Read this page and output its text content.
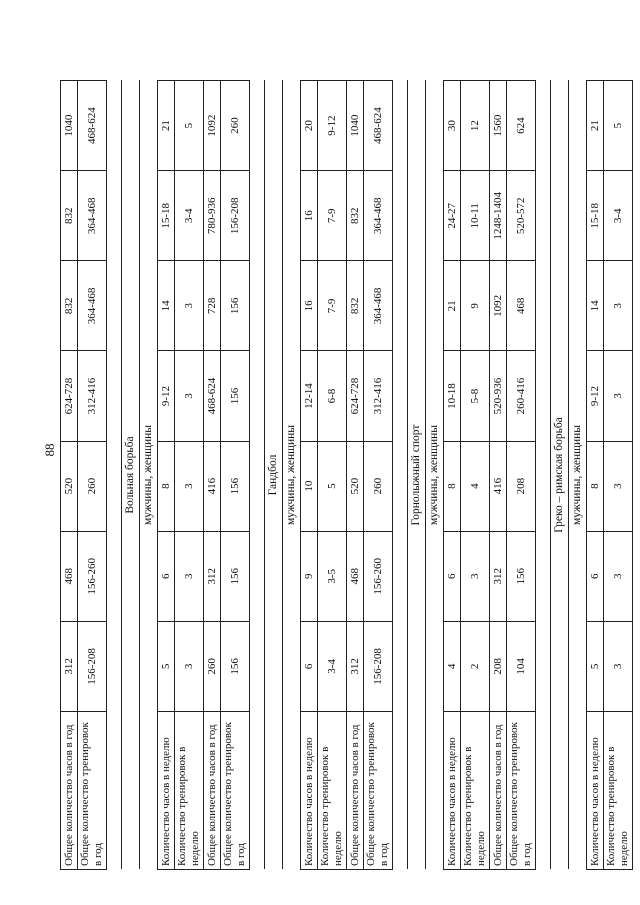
88
Общее количество часов в год	312	468	520	624-728	832	832	1040
Общее количество тренировок в год	156-208	156-260	260	312-416	364-468	364-468	468-624

Вольная борьба							
мужчины, женщины							
Количество часов в неделю	5	6	8	9-12	14	15-18	21
Количество тренировок в неделю	3	3	3	3	3	3-4	5
Общее количество часов в год	260	312	416	468-624	728	780-936	1092
Общее количество тренировок в год	156	156	156	156	156	156-208	260

Гандбол							
мужчины, женщины							
Количество часов в неделю	6	9	10	12-14	16	16	20
Количество тренировок в неделю	3-4	3-5	5	6-8	7-9	7-9	9-12
Общее количество часов в год	312	468	520	624-728	832	832	1040
Общее количество тренировок в год	156-208	156-260	260	312-416	364-468	364-468	468-624

Горнолыжный спорт							
мужчины, женщины							
Количество часов в неделю	4	6	8	10-18	21	24-27	30
Количество тренировок в неделю	2	3	4	5-8	9	10-11	12
Общее количество часов в год	208	312	416	520-936	1092	1248-1404	1560
Общее количество тренировок в год	104	156	208	260-416	468	520-572	624

Греко – римская борьба							
мужчины, женщины							
Количество часов в неделю	5	6	8	9-12	14	15-18	21
Количество тренировок в неделю	3	3	3	3	3	3-4	5
